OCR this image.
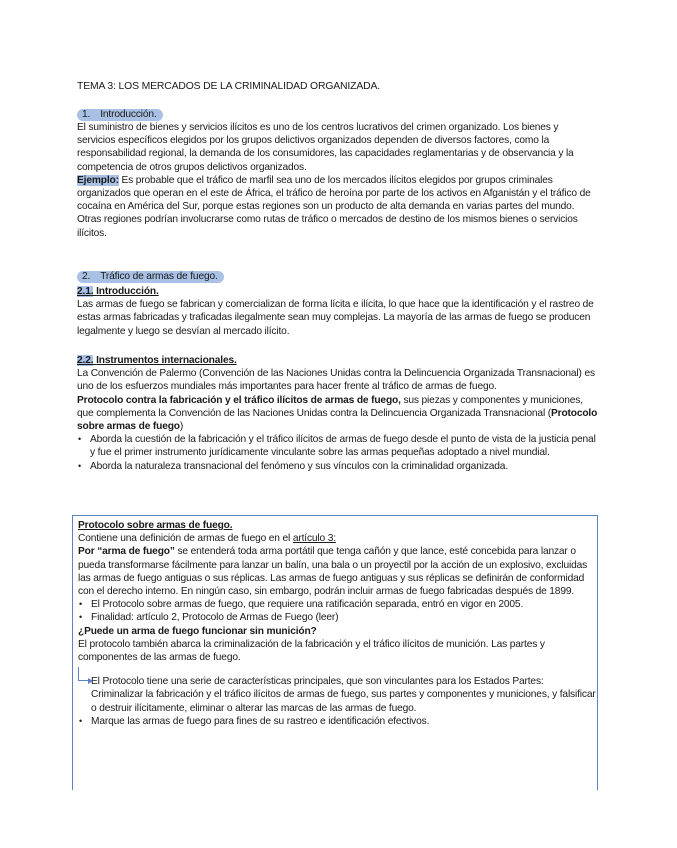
TEMA 3: LOS MERCADOS DE LA CRIMINALIDAD ORGANIZADA.

1. Introducción.

El suministro de bienes y servicios ilícitos es uno de los centros lucrativos del crimen organizado. Los bienes y servicios específicos elegidos por los grupos delictivos organizados dependen de diversos factores, como la responsabilidad regional, la demanda de los consumidores, las capacidades reglamentarias y de observancia y la competencia de otros grupos delictivos organizados.

Ejemplo: Es probable que el tráfico de marfil sea uno de los mercados ilícitos elegidos por grupos criminales organizados que operan en el este de África, el tráfico de heroína por parte de los activos en Afganistán y el tráfico de cocaína en América del Sur, porque estas regiones son un producto de alta demanda en varias partes del mundo. Otras regiones podrían involucrarse como rutas de tráfico o mercados de destino de los mismos bienes o servicios ilícitos.

2. Tráfico de armas de fuego.

2.1. Introducción.

Las armas de fuego se fabrican y comercializan de forma lícita e ilícita, lo que hace que la identificación y el rastreo de estas armas fabricadas y traficadas ilegalmente sean muy complejas. La mayoría de las armas de fuego se producen legalmente y luego se desvían al mercado ilícito.

2.2. Instrumentos internacionales.

La Convención de Palermo (Convención de las Naciones Unidas contra la Delincuencia Organizada Transnacional) es uno de los esfuerzos mundiales más importantes para hacer frente al tráfico de armas de fuego.

Protocolo contra la fabricación y el tráfico ilícitos de armas de fuego, sus piezas y componentes y municiones, que complementa la Convención de las Naciones Unidas contra la Delincuencia Organizada Transnacional (Protocolo sobre armas de fuego)

• Aborda la cuestión de la fabricación y el tráfico ilícitos de armas de fuego desde el punto de vista de la justicia penal y fue el primer instrumento jurídicamente vinculante sobre las armas pequeñas adoptado a nivel mundial.
• Aborda la naturaleza transnacional del fenómeno y sus vínculos con la criminalidad organizada.

Protocolo sobre armas de fuego.

Contiene una definición de armas de fuego en el artículo 3:

Por “arma de fuego” se entenderá toda arma portátil que tenga cañón y que lance, esté concebida para lanzar o pueda transformarse fácilmente para lanzar un balín, una bala o un proyectil por la acción de un explosivo, excluidas las armas de fuego antiguas o sus réplicas. Las armas de fuego antiguas y sus réplicas se definirán de conformidad con el derecho interno. En ningún caso, sin embargo, podrán incluir armas de fuego fabricadas después de 1899.

• El Protocolo sobre armas de fuego, que requiere una ratificación separada, entró en vigor en 2005.
• Finalidad: artículo 2, Protocolo de Armas de Fuego (leer)

¿Puede un arma de fuego funcionar sin munición?

El protocolo también abarca la criminalización de la fabricación y el tráfico ilícitos de munición. Las partes y componentes de las armas de fuego.

El Protocolo tiene una serie de características principales, que son vinculantes para los Estados Partes: Criminalizar la fabricación y el tráfico ilícitos de armas de fuego, sus partes y componentes y municiones, y falsificar o destruir ilícitamente, eliminar o alterar las marcas de las armas de fuego.
• Marque las armas de fuego para fines de su rastreo e identificación efectivos.
